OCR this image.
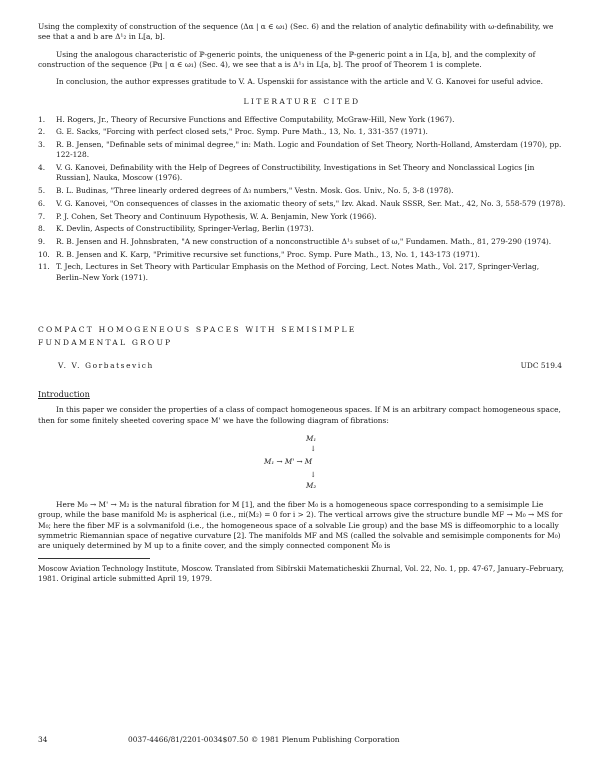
Using the complexity of construction of the sequence ⟨Δα | α ∈ ω₁⟩ (Sec. 6) and the relation of analytic definability with ω-definability, we see that a and b are Δ¹₂ in L[a, b].

Using the analogous characteristic of ℙ-generic points, the uniqueness of the ℙ-generic point a in L[a, b], and the complexity of construction of the sequence ⟨ℙα | α ∈ ω₁⟩ (Sec. 4), we see that a is Δ¹₃ in L[a, b]. The proof of Theorem 1 is complete.

In conclusion, the author expresses gratitude to V. A. Uspenskii for assistance with the article and V. G. Kanovei for useful advice.

LITERATURE CITED
1.	H. Rogers, Jr., Theory of Recursive Functions and Effective Computability, McGraw-Hill, New York (1967).
2.	G. E. Sacks, "Forcing with perfect closed sets," Proc. Symp. Pure Math., 13, No. 1, 331-357 (1971).
3.	R. B. Jensen, "Definable sets of minimal degree," in: Math. Logic and Foundation of Set Theory, North-Holland, Amsterdam (1970), pp. 122-128.
4.	V. G. Kanovei, Definability with the Help of Degrees of Constructibility, Investigations in Set Theory and Nonclassical Logics [in Russian], Nauka, Moscow (1976).
5.	B. L. Budinas, "Three linearly ordered degrees of Δ₃ numbers," Vestn. Mosk. Gos. Univ., No. 5, 3-8 (1978).
6.	V. G. Kanovei, "On consequences of classes in the axiomatic theory of sets," Izv. Akad. Nauk SSSR, Ser. Mat., 42, No. 3, 558-579 (1978).
7.	P. J. Cohen, Set Theory and Continuum Hypothesis, W. A. Benjamin, New York (1966).
8.	K. Devlin, Aspects of Constructibility, Springer-Verlag, Berlin (1973).
9.	R. B. Jensen and H. Johnsbraten, "A new construction of a nonconstructible Δ¹₃ subset of ω," Fundamen. Math., 81, 279-290 (1974).
10. R. B. Jensen and K. Karp, "Primitive recursive set functions," Proc. Symp. Pure Math., 13, No. 1, 143-173 (1971).
11. T. Jech, Lectures in Set Theory with Particular Emphasis on the Method of Forcing, Lect. Notes Math., Vol. 217, Springer-Verlag, Berlin–New York (1971).
COMPACT HOMOGENEOUS SPACES WITH SEMISIMPLE
FUNDAMENTAL GROUP
V. V. Gorbatsevich	UDC 519.4
Introduction

In this paper we consider the properties of a class of compact homogeneous spaces. If M is an arbitrary compact homogeneous space, then for some finitely sheeted covering space M' we have the following diagram of fibrations:

M₁
↓
M₁ → M' → M
↓
M₂

Here M₀ → M' → M₂ is the natural fibration for M [1], and the fiber M₀ is a homogeneous space corresponding to a semisimple Lie group, while the base manifold M₂ is aspherical (i.e., πi(M₂) = 0 for i > 2). The vertical arrows give the structure bundle MF → M₀ → MS for M₀; here the fiber MF is a solvmanifold (i.e., the homogeneous space of a solvable Lie group) and the base MS is diffeomorphic to a locally symmetric Riemannian space of negative curvature [2]. The manifolds MF and MS (called the solvable and semisimple components for M₀) are uniquely determined by M up to a finite cover, and the simply connected component M̃₀ is

Moscow Aviation Technology Institute, Moscow. Translated from Sibïrskii Matematicheskii Zhurnal, Vol. 22, No. 1, pp. 47-67, January–February, 1981. Original article submitted April 19, 1979.

34	0037-4466/81/2201-0034$07.50 © 1981 Plenum Publishing Corporation
